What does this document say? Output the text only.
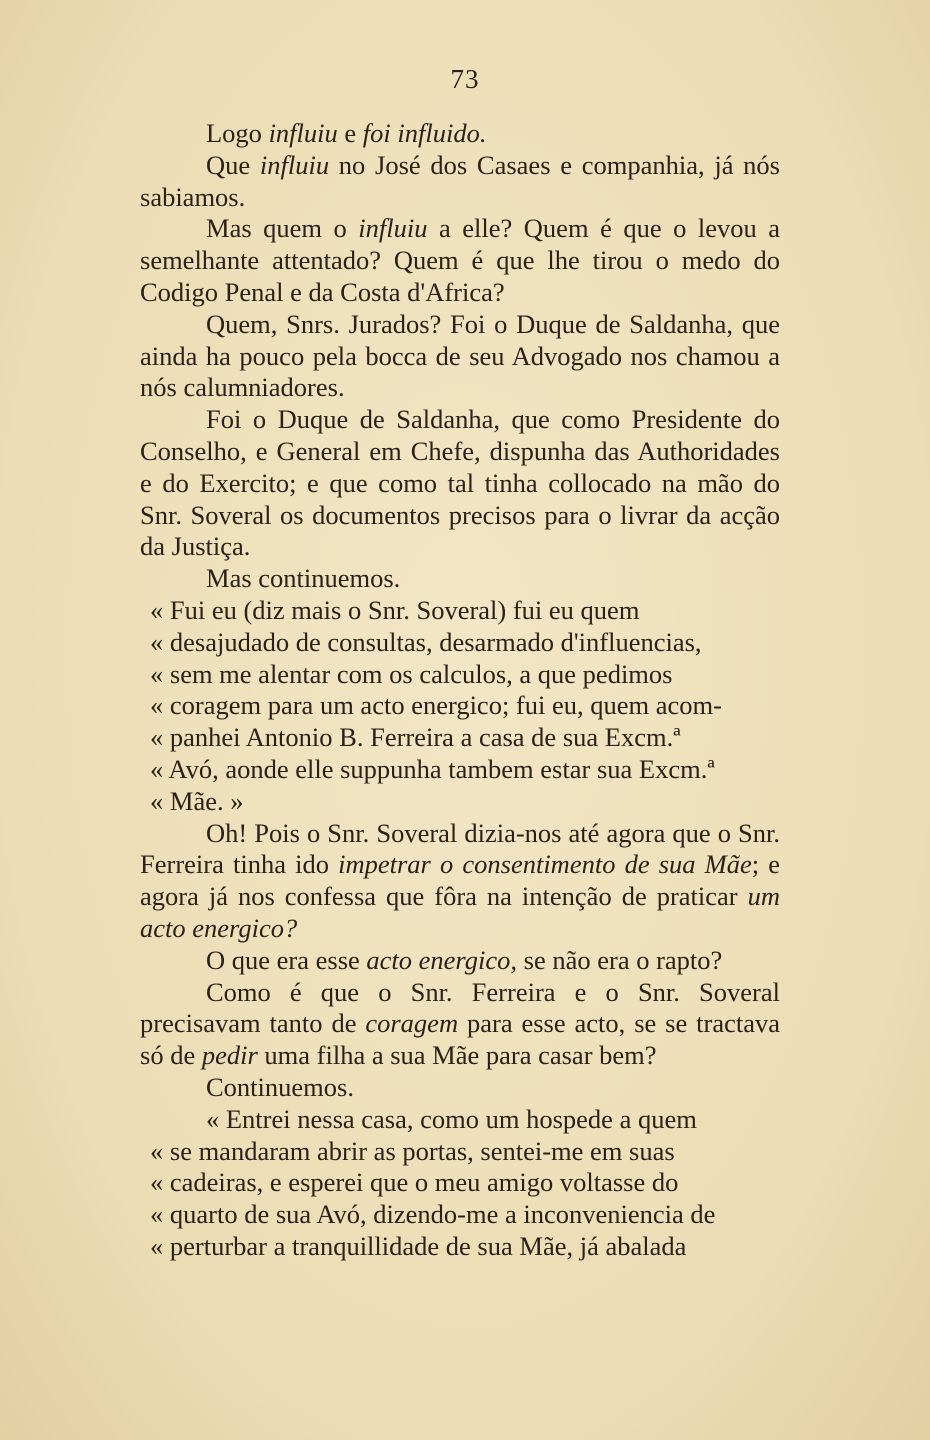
73

Logo influiu e foi influido.

Que influiu no José dos Casaes e companhia, já nós sabiamos.

Mas quem o influiu a elle? Quem é que o levou a semelhante attentado? Quem é que lhe tirou o medo do Codigo Penal e da Costa d'Africa?

Quem, Snrs. Jurados? Foi o Duque de Saldanha, que ainda ha pouco pela bocca de seu Advogado nos chamou a nós calumniadores.

Foi o Duque de Saldanha, que como Presidente do Conselho, e General em Chefe, dispunha das Authoridades e do Exercito; e que como tal tinha collocado na mão do Snr. Soveral os documentos precisos para o livrar da acção da Justiça.

Mas continuemos.

« Fui eu (diz mais o Snr. Soveral) fui eu quem

« desajudado de consultas, desarmado d'influencias,

« sem me alentar com os calculos, a que pedimos

« coragem para um acto energico; fui eu, quem acom-

« panhei Antonio B. Ferreira a casa de sua Excm.ª

« Avó, aonde elle suppunha tambem estar sua Excm.ª

« Mãe. »

Oh! Pois o Snr. Soveral dizia-nos até agora que o Snr. Ferreira tinha ido impetrar o consentimento de sua Mãe; e agora já nos confessa que fôra na intenção de praticar um acto energico?

O que era esse acto energico, se não era o rapto?

Como é que o Snr. Ferreira e o Snr. Soveral precisavam tanto de coragem para esse acto, se se tractava só de pedir uma filha a sua Mãe para casar bem?

Continuemos.

« Entrei nessa casa, como um hospede a quem

« se mandaram abrir as portas, sentei-me em suas

« cadeiras, e esperei que o meu amigo voltasse do

« quarto de sua Avó, dizendo-me a inconveniencia de

« perturbar a tranquillidade de sua Mãe, já abalada
